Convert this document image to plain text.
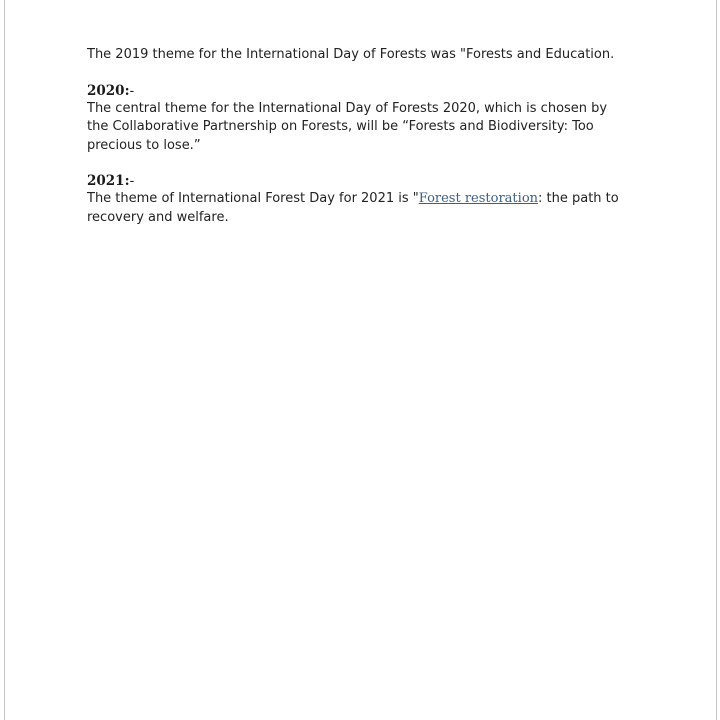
The 2019 theme for the International Day of Forests was "Forests and Education.

2020:-

The central theme for the International Day of Forests 2020, which is chosen by the Collaborative Partnership on Forests, will be “Forests and Biodiversity: Too precious to lose.”

2021:-

The theme of International Forest Day for 2021 is "Forest restoration: the path to recovery and welfare.
